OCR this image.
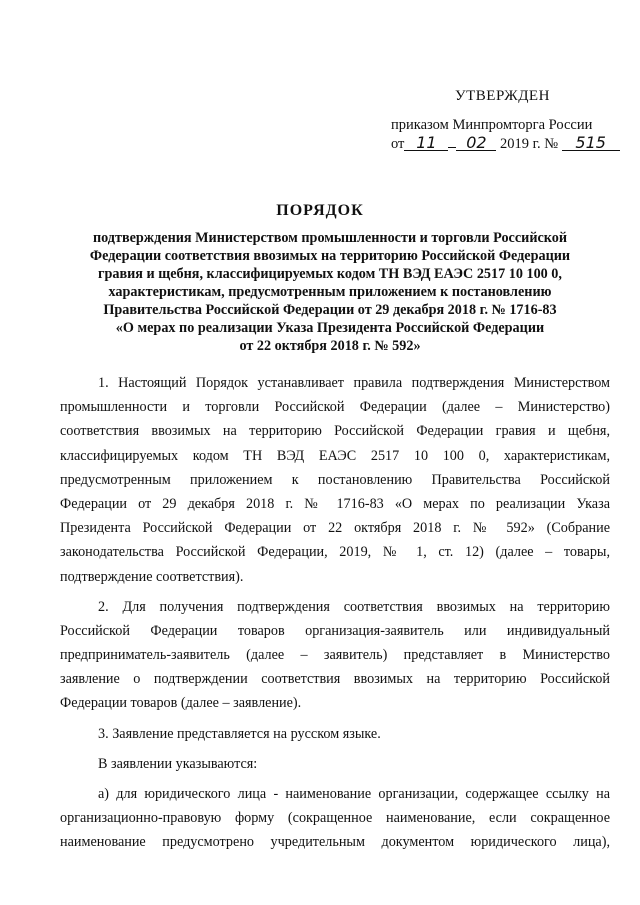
УТВЕРЖДЕН
приказом Минпромторга России
от 11 02 2019 г. № 515
ПОРЯДОК
подтверждения Министерством промышленности и торговли Российской
Федерации соответствия ввозимых на территорию Российской Федерации
гравия и щебня, классифицируемых кодом ТН ВЭД ЕАЭС 2517 10 100 0,
характеристикам, предусмотренным приложением к постановлению
Правительства Российской Федерации от 29 декабря 2018 г. № 1716-83
«О мерах по реализации Указа Президента Российской Федерации
от 22 октября 2018 г. № 592»
1. Настоящий Порядок устанавливает правила подтверждения Министерством
промышленности и торговли Российской Федерации (далее – Министерство)
соответствия ввозимых на территорию Российской Федерации гравия и щебня,
классифицируемых кодом ТН ВЭД ЕАЭС 2517 10 100 0, характеристикам,
предусмотренным приложением к постановлению Правительства Российской
Федерации от 29 декабря 2018 г. № 1716-83 «О мерах по реализации Указа
Президента Российской Федерации от 22 октября 2018 г. № 592» (Собрание
законодательства Российской Федерации, 2019, № 1, ст. 12) (далее – товары,
подтверждение соответствия).
2. Для получения подтверждения соответствия ввозимых на территорию
Российской Федерации товаров организация-заявитель или индивидуальный
предприниматель-заявитель (далее – заявитель) представляет в Министерство
заявление о подтверждении соответствия ввозимых на территорию Российской
Федерации товаров (далее – заявление).
3. Заявление представляется на русском языке.
В заявлении указываются:
а) для юридического лица - наименование организации, содержащее ссылку на
организационно-правовую форму (сокращенное наименование, если сокращенное
наименование предусмотрено учредительным документом юридического лица),
